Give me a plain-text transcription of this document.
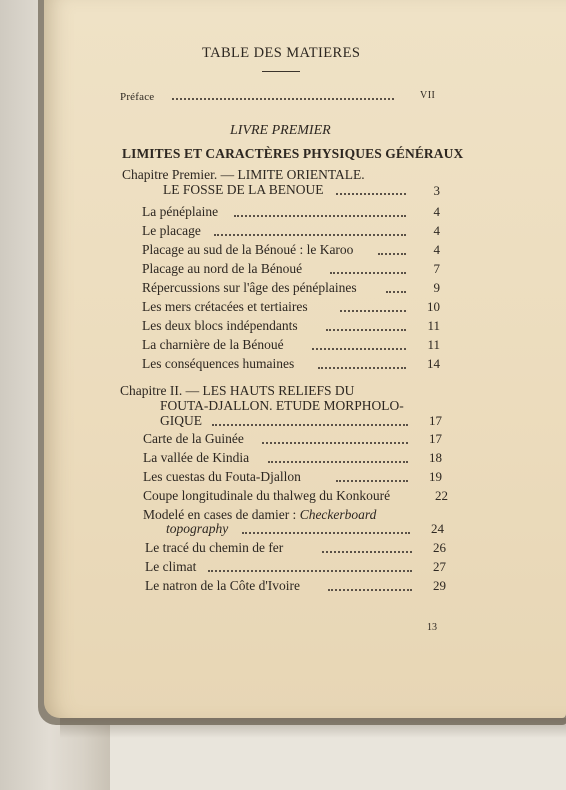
TABLE DES MATIERES
Préface	VII
LIVRE PREMIER
LIMITES ET CARACTÈRES PHYSIQUES GÉNÉRAUX
Chapitre Premier. — LIMITE ORIENTALE.
LE FOSSE DE LA BENOUE	3
La pénéplaine	4
Le placage	4
Placage au sud de la Bénoué : le Karoo	4
Placage au nord de la Bénoué	7
Répercussions sur l'âge des pénéplaines	9
Les mers crétacées et tertiaires	10
Les deux blocs indépendants	11
La charnière de la Bénoué	11
Les conséquences humaines	14
Chapitre II. — LES HAUTS RELIEFS DU
FOUTA-DJALLON. ETUDE MORPHOLO-
GIQUE	17
Carte de la Guinée	17
La vallée de Kindia	18
Les cuestas du Fouta-Djallon	19
Coupe longitudinale du thalweg du Konkouré	22
Modelé en cases de damier : Checkerboard
topography	24
Le tracé du chemin de fer	26
Le climat	27
Le natron de la Côte d'Ivoire	29
13
